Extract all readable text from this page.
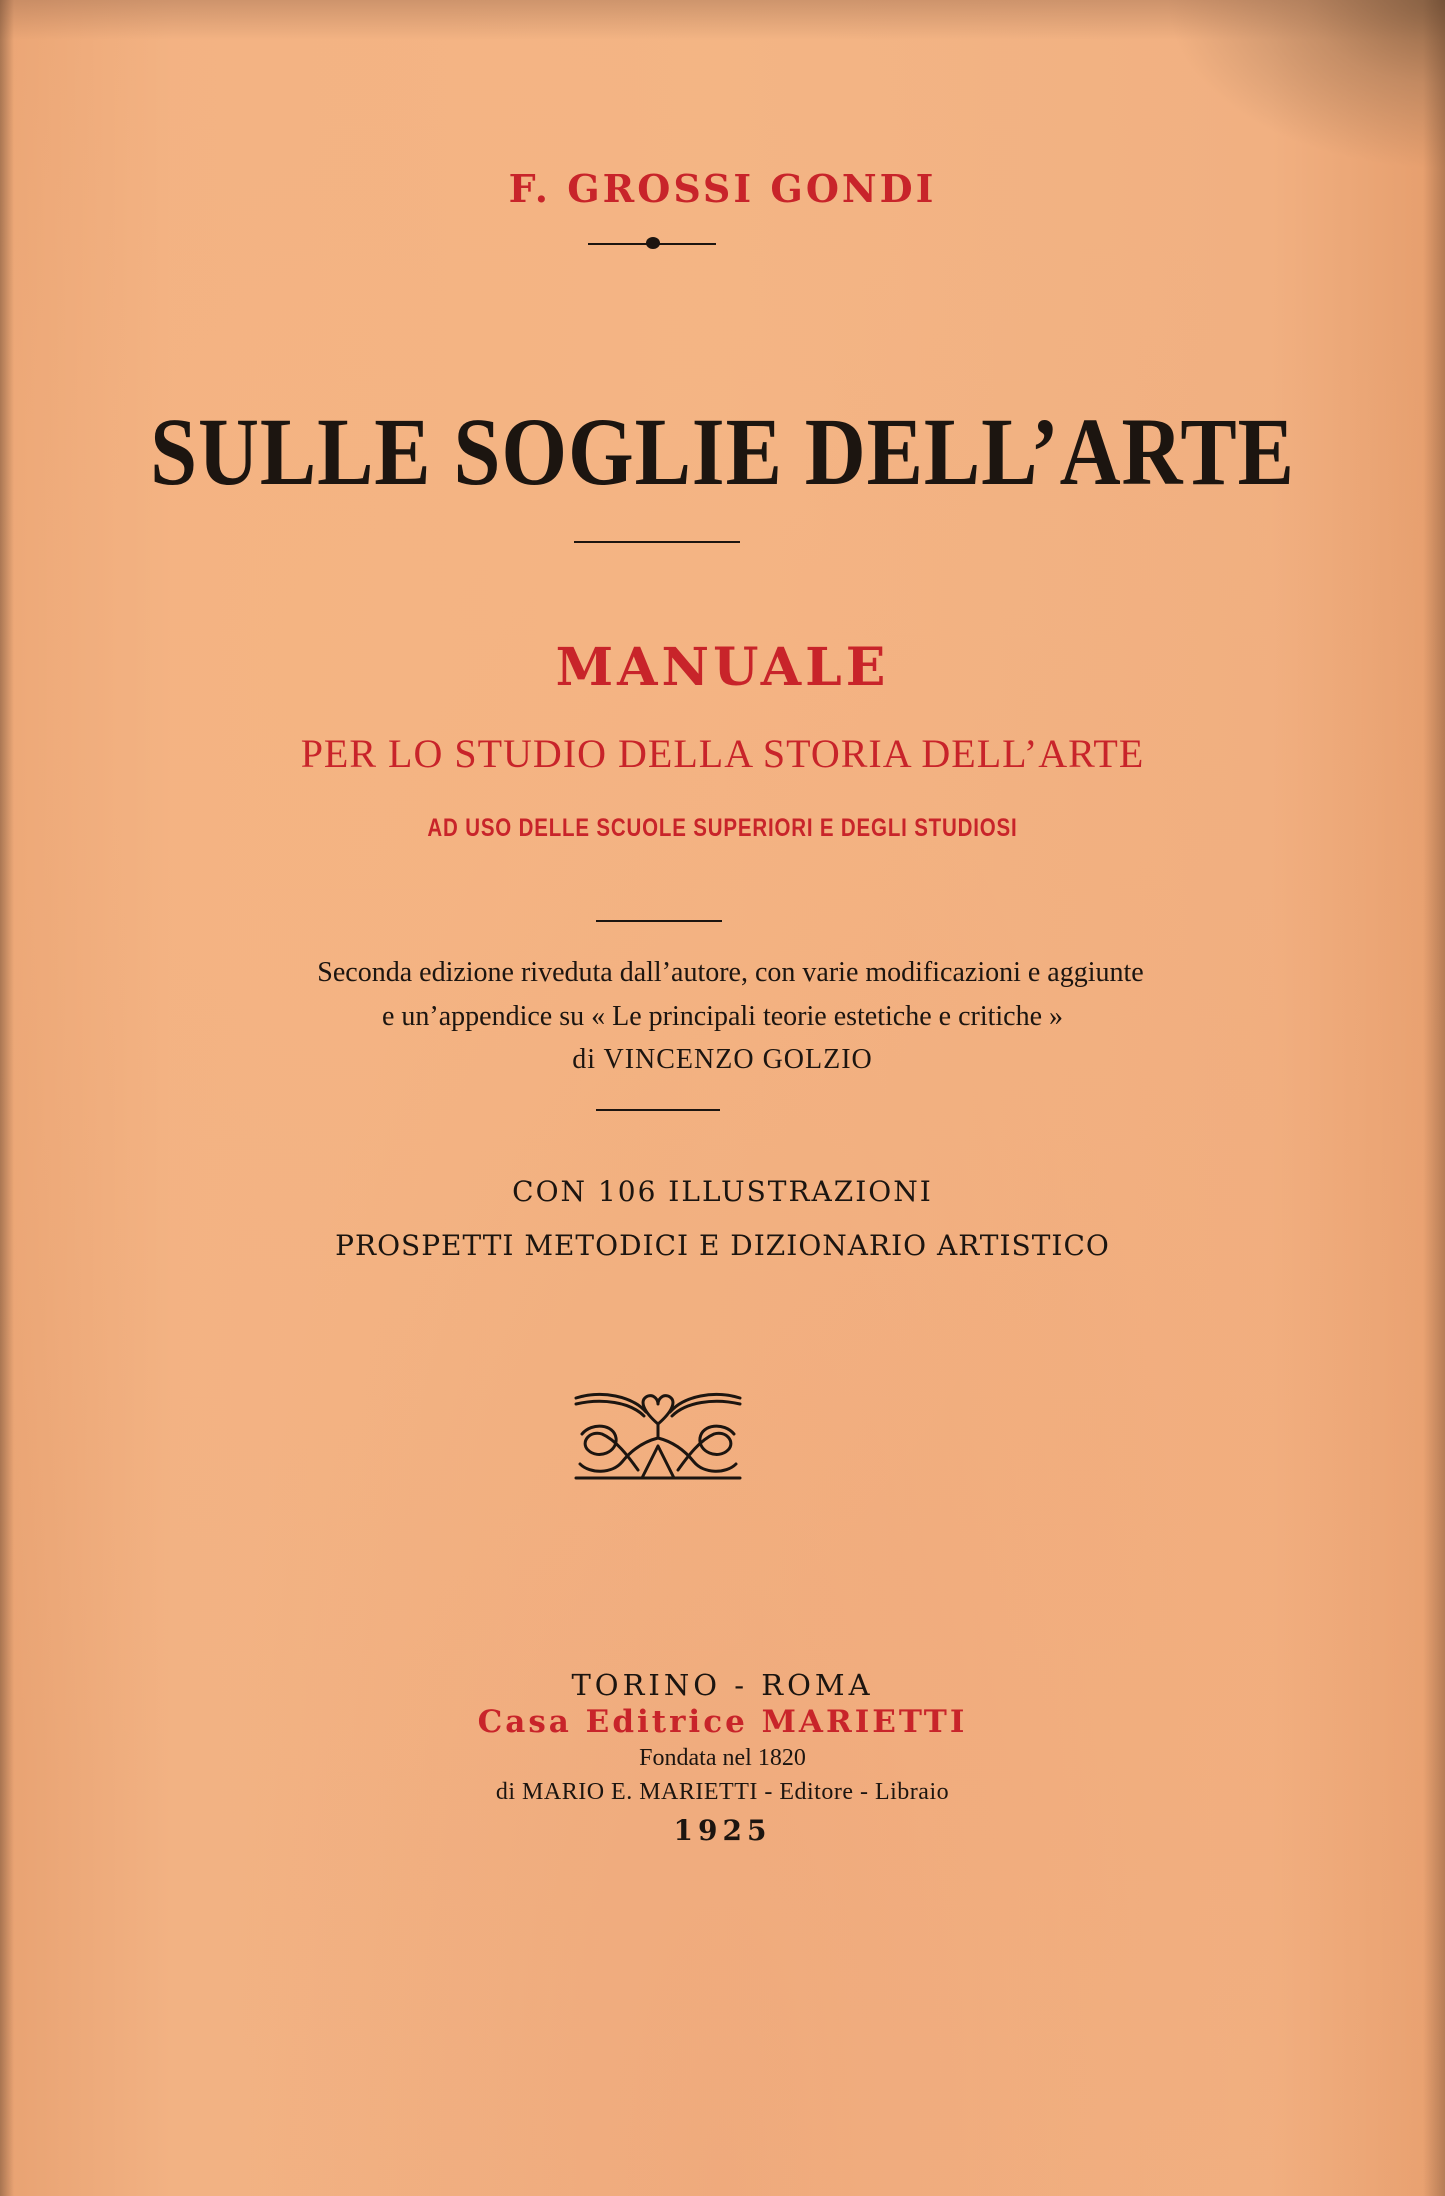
F. GROSSI GONDI
SULLE SOGLIE DELL’ARTE
MANUALE
PER LO STUDIO DELLA STORIA DELL’ARTE
AD USO DELLE SCUOLE SUPERIORI E DEGLI STUDIOSI
Seconda edizione riveduta dall’autore, con varie modificazioni e aggiunte
e un’appendice su « Le principali teorie estetiche e critiche »
di VINCENZO GOLZIO
CON 106 ILLUSTRAZIONI
PROSPETTI METODICI E DIZIONARIO ARTISTICO
TORINO - ROMA
Casa Editrice MARIETTI
Fondata nel 1820
di MARIO E. MARIETTI - Editore - Libraio
1925
